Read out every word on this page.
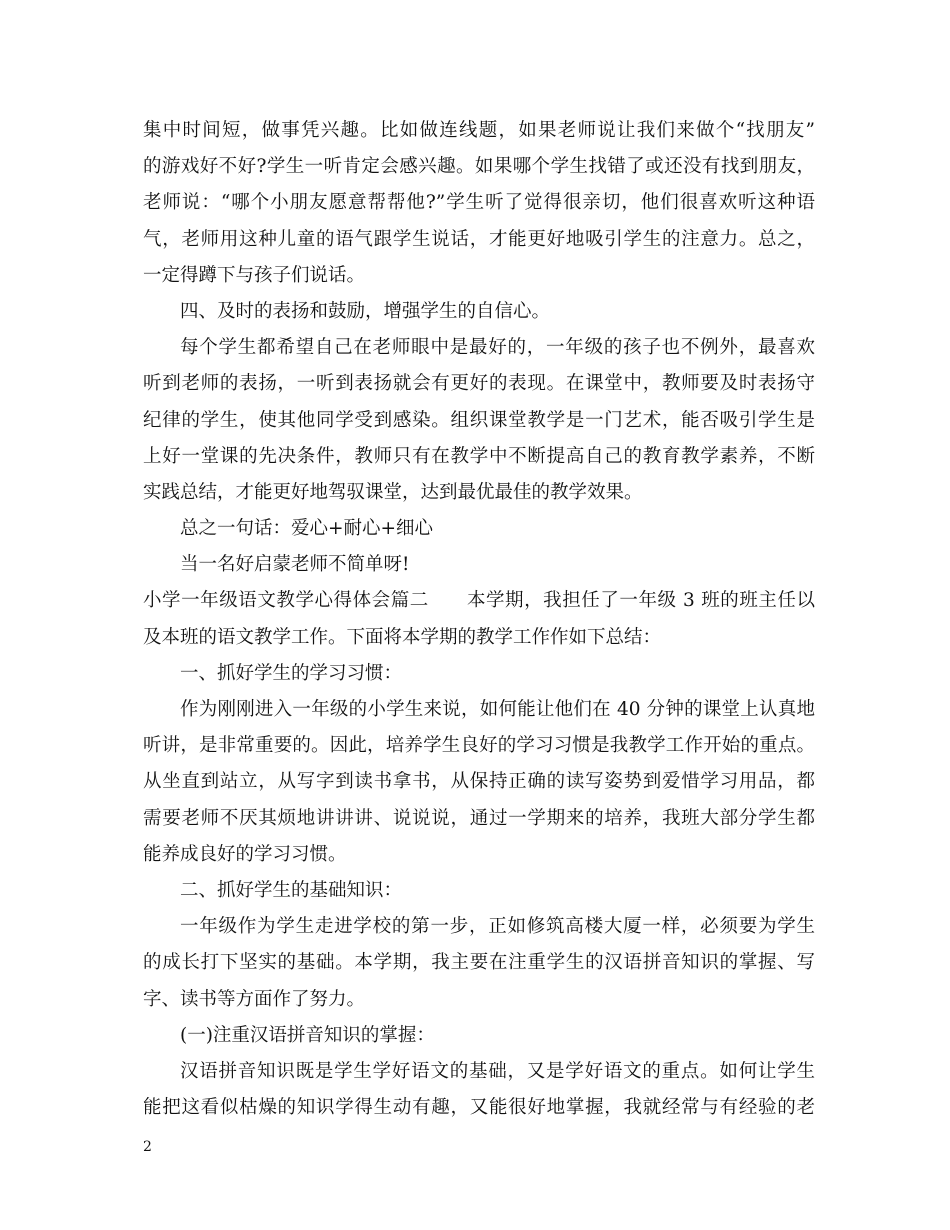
集中时间短，做事凭兴趣。比如做连线题，如果老师说让我们来做个“找朋友”
的游戏好不好?学生一听肯定会感兴趣。如果哪个学生找错了或还没有找到朋友，
老师说：“哪个小朋友愿意帮帮他?”学生听了觉得很亲切，他们很喜欢听这种语
气，老师用这种儿童的语气跟学生说话，才能更好地吸引学生的注意力。总之，
一定得蹲下与孩子们说话。
四、及时的表扬和鼓励，增强学生的自信心。
每个学生都希望自己在老师眼中是最好的，一年级的孩子也不例外，最喜欢
听到老师的表扬，一听到表扬就会有更好的表现。在课堂中，教师要及时表扬守
纪律的学生，使其他同学受到感染。组织课堂教学是一门艺术，能否吸引学生是
上好一堂课的先决条件，教师只有在教学中不断提高自己的教育教学素养，不断
实践总结，才能更好地驾驭课堂，达到最优最佳的教学效果。
总之一句话：爱心+耐心+细心
当一名好启蒙老师不简单呀!
小学一年级语文教学心得体会篇二　　本学期，我担任了一年级 3 班的班主任以
及本班的语文教学工作。下面将本学期的教学工作作如下总结：
一、抓好学生的学习习惯：
作为刚刚进入一年级的小学生来说，如何能让他们在 40 分钟的课堂上认真地
听讲，是非常重要的。因此，培养学生良好的学习习惯是我教学工作开始的重点。
从坐直到站立，从写字到读书拿书，从保持正确的读写姿势到爱惜学习用品，都
需要老师不厌其烦地讲讲讲、说说说，通过一学期来的培养，我班大部分学生都
能养成良好的学习习惯。
二、抓好学生的基础知识：
一年级作为学生走进学校的第一步，正如修筑高楼大厦一样，必须要为学生
的成长打下坚实的基础。本学期，我主要在注重学生的汉语拼音知识的掌握、写
字、读书等方面作了努力。
(一)注重汉语拼音知识的掌握：
汉语拼音知识既是学生学好语文的基础，又是学好语文的重点。如何让学生
能把这看似枯燥的知识学得生动有趣，又能很好地掌握，我就经常与有经验的老
2
